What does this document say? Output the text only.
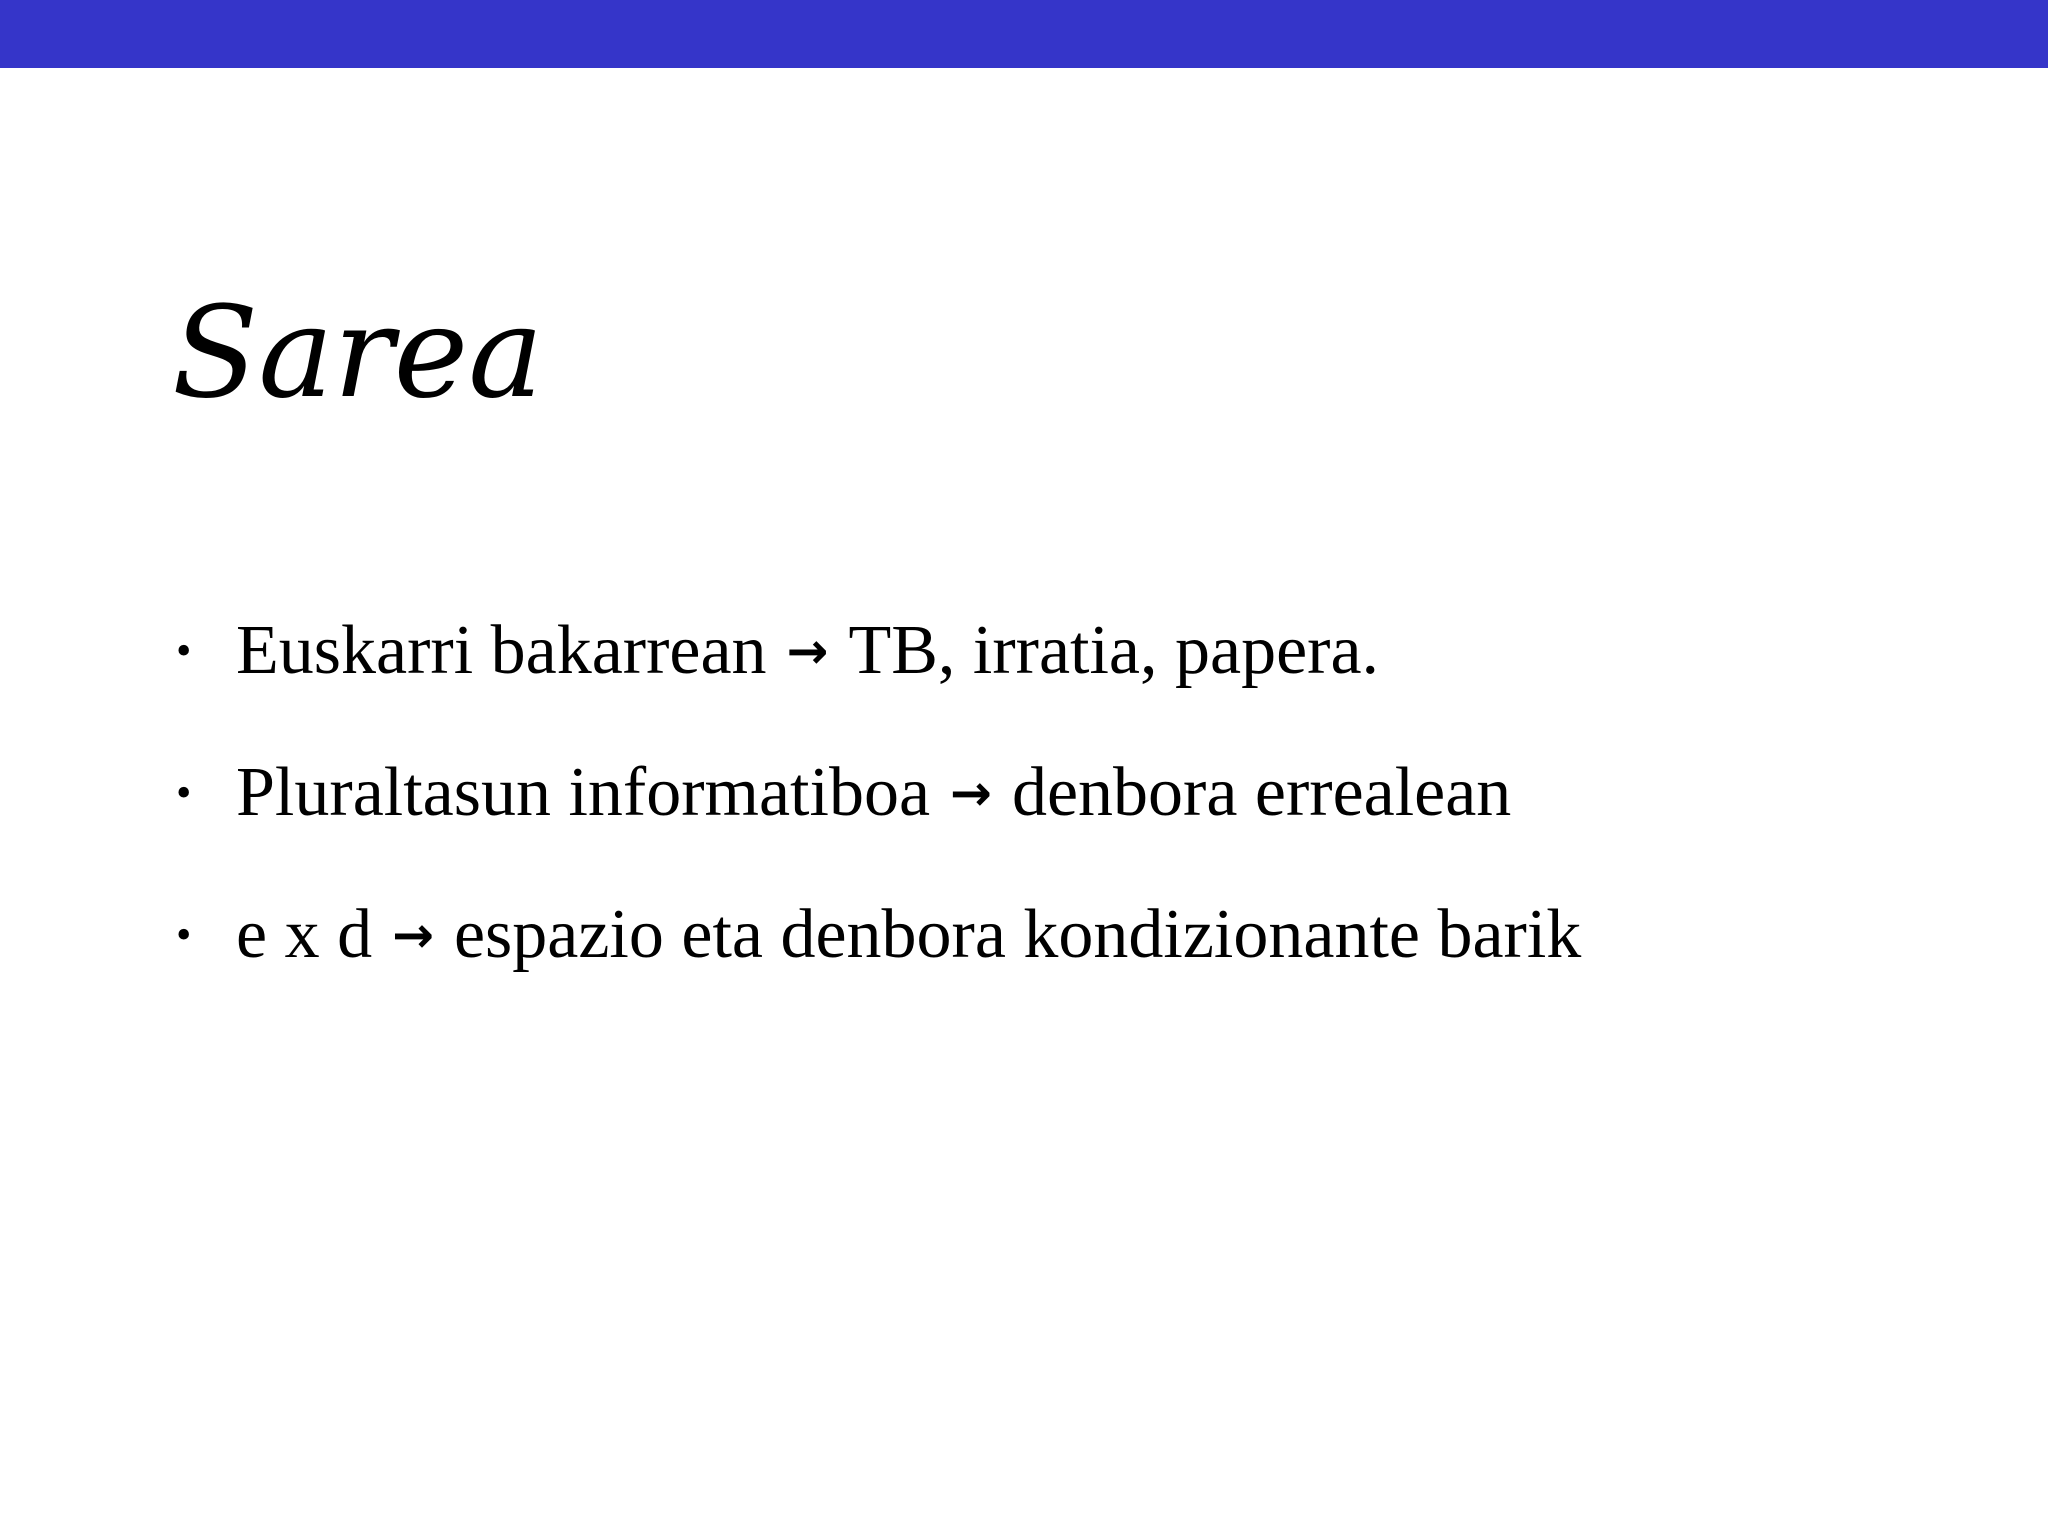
Sarea
• Euskarri bakarrean → TB, irratia, papera.
• Pluraltasun informatiboa → denbora errealean
• e x d → espazio eta denbora kondizionante barik
